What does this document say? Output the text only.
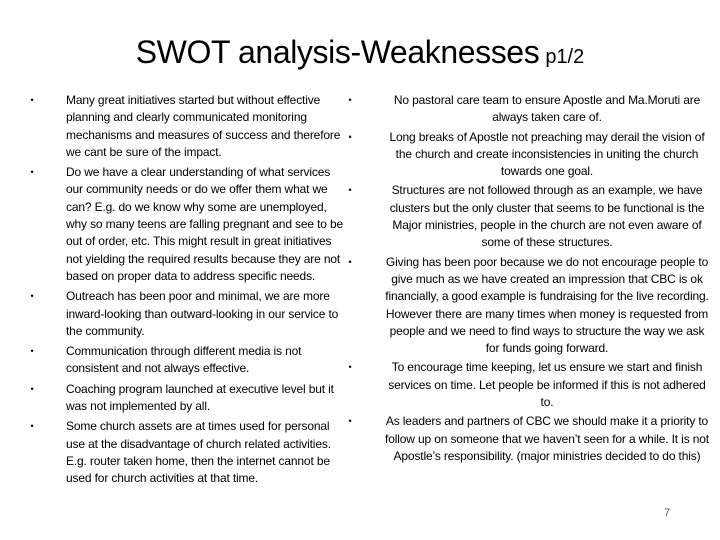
SWOT analysis-Weaknesses p1/2
•	Many great initiatives started but without effective planning and clearly communicated monitoring mechanisms and measures of success and therefore we cant be sure of the impact.
•	Do we have a clear understanding of what services our community needs or do we offer them what we can? E.g. do we know why some are unemployed, why so many teens are falling pregnant and see to be out of order, etc. This might result in great initiatives not yielding the required results because they are not based on proper data to address specific needs.
•	Outreach has been poor and minimal, we are more inward-looking than outward-looking in our service to the community.
•	Communication through different media is not consistent and not always effective.
•	Coaching program launched at executive level but it was not implemented by all.
•	Some church assets are at times used for personal use at the disadvantage of church related activities. E.g. router taken home, then the internet cannot be used for church activities at that time.
•	No pastoral care team to ensure Apostle and Ma.Moruti are always taken care of.
•	Long breaks of Apostle not preaching may derail the vision of the church and create inconsistencies in uniting the church towards one goal.
•	Structures are not followed through as an example, we have clusters but the only cluster that seems to be functional is the Major ministries, people in the church are not even aware of some of these structures.
•	Giving has been poor because we do not encourage people to give much as we have created an impression that CBC is ok financially, a good example is fundraising for the live recording. However there are many times when money is requested from people and we need to find ways to structure the way we ask for funds going forward.
•	To encourage time keeping, let us ensure we start and finish services on time. Let people be informed if this is not adhered to.
•	As leaders and partners of CBC we should make it a priority to follow up on someone that we haven’t seen for a while. It is not Apostle’s responsibility. (major ministries decided to do this)
7
